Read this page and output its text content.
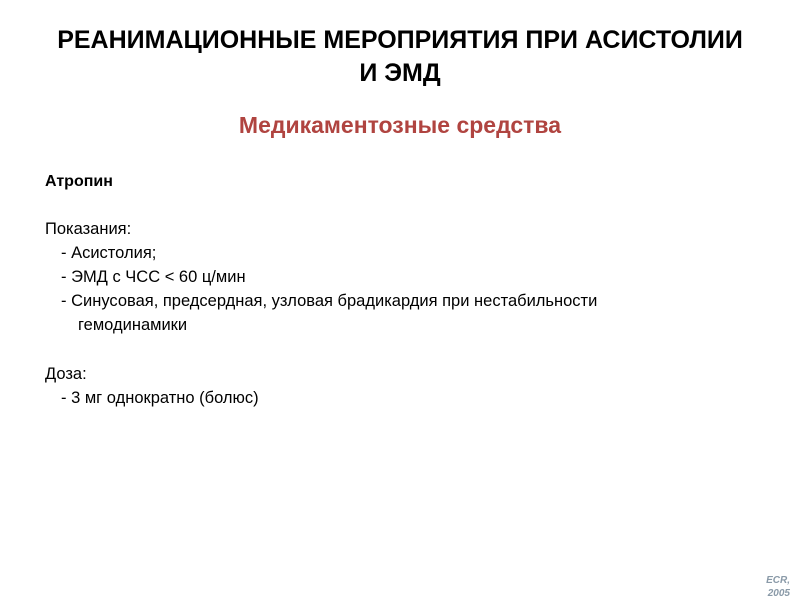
РЕАНИМАЦИОННЫЕ МЕРОПРИЯТИЯ ПРИ АСИСТОЛИИ
И ЭМД
Медикаментозные средства
Атропин
Показания:
- Асистолия;
- ЭМД с ЧСС < 60 ц/мин
- Синусовая, предсердная, узловая брадикардия при нестабильности
гемодинамики
Доза:
- 3 мг однократно (болюс)
ECR,
2005
